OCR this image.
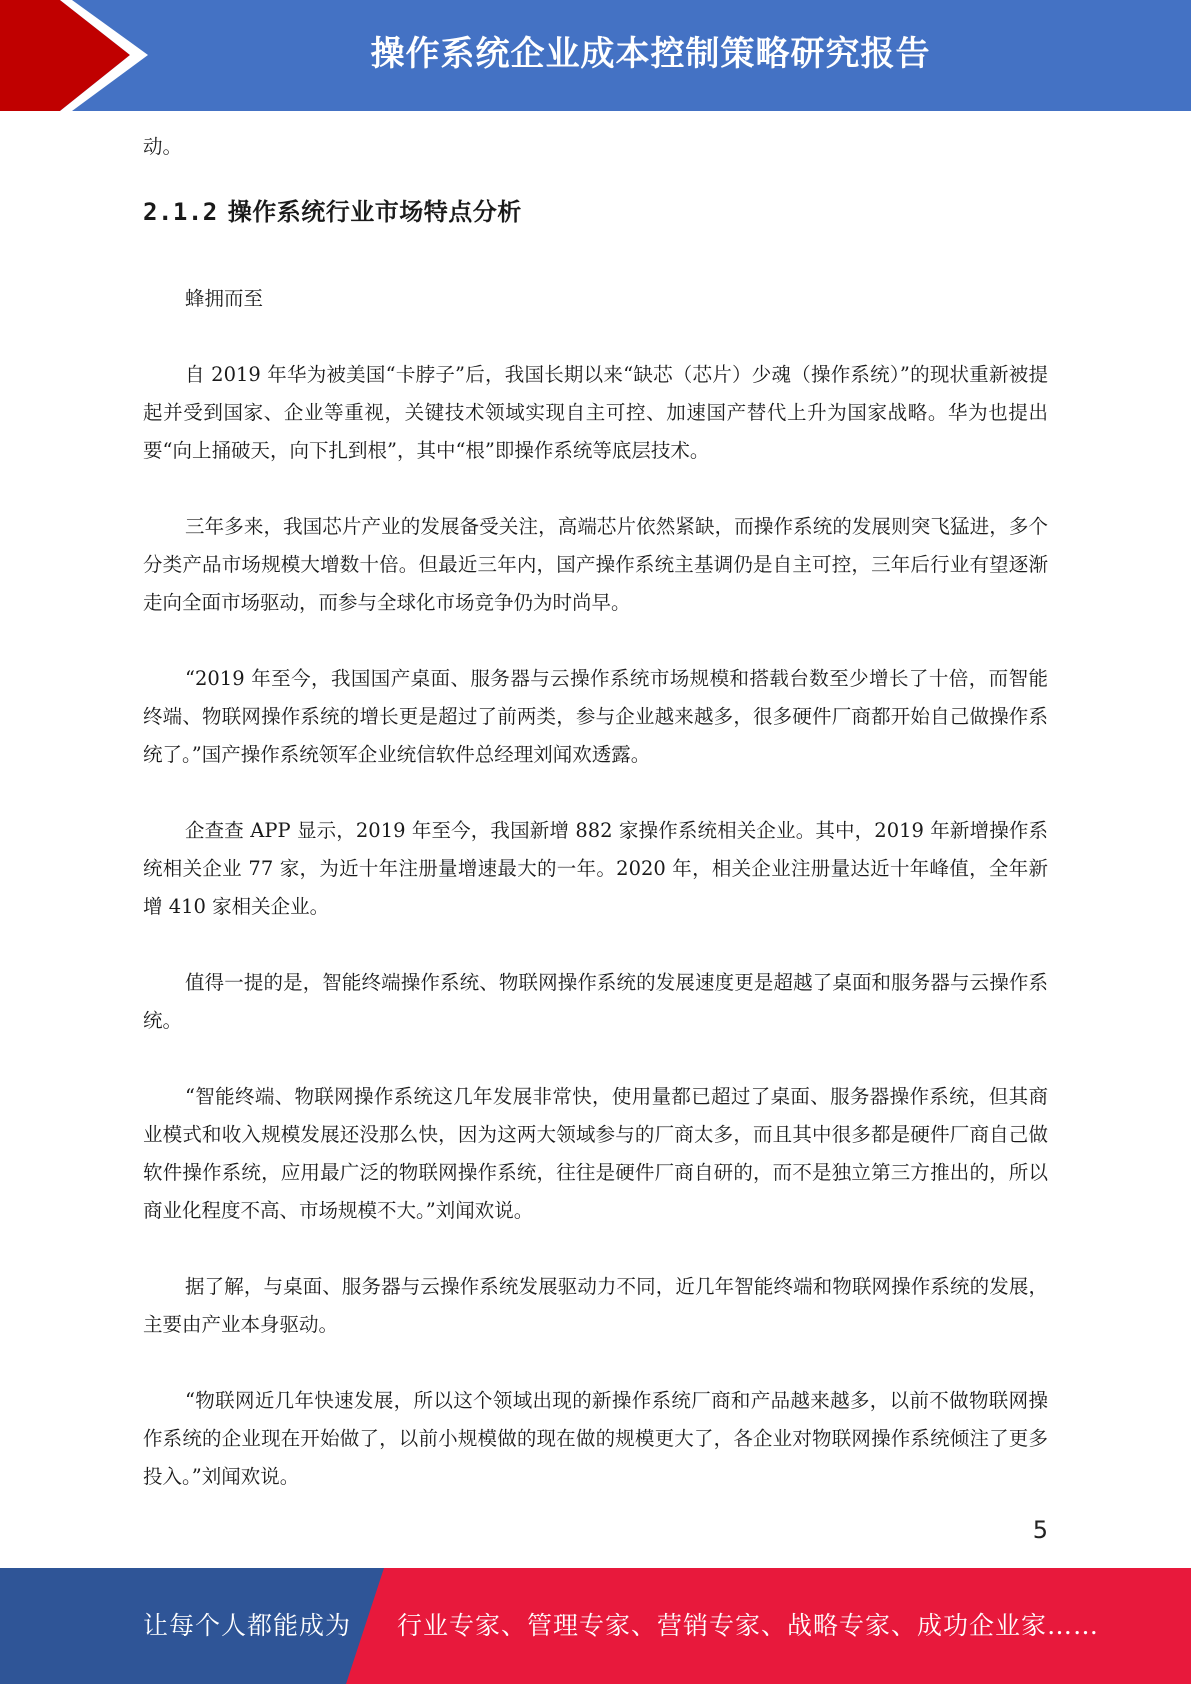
操作系统企业成本控制策略研究报告

动。

2.1.2 操作系统行业市场特点分析

蜂拥而至

自 2019 年华为被美国“卡脖子”后，我国长期以来“缺芯（芯片）少魂（操作系统）”的现状重新被提起并受到国家、企业等重视，关键技术领域实现自主可控、加速国产替代上升为国家战略。华为也提出要“向上捅破天，向下扎到根”，其中“根”即操作系统等底层技术。

三年多来，我国芯片产业的发展备受关注，高端芯片依然紧缺，而操作系统的发展则突飞猛进，多个分类产品市场规模大增数十倍。但最近三年内，国产操作系统主基调仍是自主可控，三年后行业有望逐渐走向全面市场驱动，而参与全球化市场竞争仍为时尚早。

“2019 年至今，我国国产桌面、服务器与云操作系统市场规模和搭载台数至少增长了十倍，而智能终端、物联网操作系统的增长更是超过了前两类，参与企业越来越多，很多硬件厂商都开始自己做操作系统了。”国产操作系统领军企业统信软件总经理刘闻欢透露。

企查查 APP 显示，2019 年至今，我国新增 882 家操作系统相关企业。其中，2019 年新增操作系统相关企业 77 家，为近十年注册量增速最大的一年。2020 年，相关企业注册量达近十年峰值，全年新增 410 家相关企业。

值得一提的是，智能终端操作系统、物联网操作系统的发展速度更是超越了桌面和服务器与云操作系统。

“智能终端、物联网操作系统这几年发展非常快，使用量都已超过了桌面、服务器操作系统，但其商业模式和收入规模发展还没那么快，因为这两大领域参与的厂商太多，而且其中很多都是硬件厂商自己做软件操作系统，应用最广泛的物联网操作系统，往往是硬件厂商自研的，而不是独立第三方推出的，所以商业化程度不高、市场规模不大。”刘闻欢说。

据了解，与桌面、服务器与云操作系统发展驱动力不同，近几年智能终端和物联网操作系统的发展，主要由产业本身驱动。

“物联网近几年快速发展，所以这个领域出现的新操作系统厂商和产品越来越多，以前不做物联网操作系统的企业现在开始做了，以前小规模做的现在做的规模更大了，各企业对物联网操作系统倾注了更多投入。”刘闻欢说。

5
让每个人都能成为 行业专家、管理专家、营销专家、战略专家、成功企业家……
